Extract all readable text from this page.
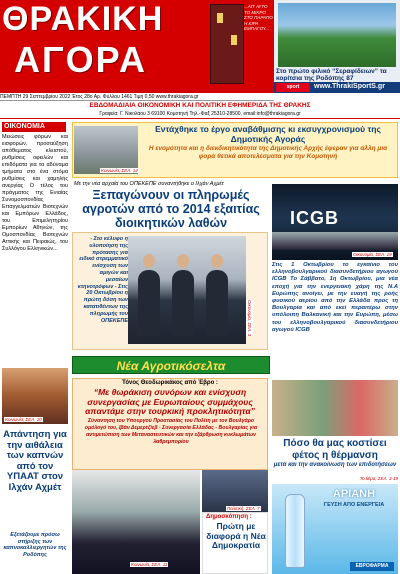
ΘΡΑΚΙΚΗ
ΑΓΟΡΑ
...ΑΠ' ΑΥΤΟ ΤΟ ΜΙΚΡΟ ΣΤΟ ΠΑΡΑΠΟ Η ΚΙΡΑ ΕΜΠΑΓΟΥ...
Στο πρώτο φιλικό “Σεραφίδειων” τα κορίτσια της Ροδόπης 87
www.ThrakiSportS.gr
sport
ΠΕΜΠΤΗ 29 Σεπτεμβρίου 2022 Έτος 28ο Αρ. Φύλλου 1461 Τιμή 0,50 www.thrakiagora.gr
ΕΒΔΟΜΑΔΙΑΙΑ ΟΙΚΟΝΟΜΙΚΗ ΚΑΙ ΠΟΛΙΤΙΚΗ ΕΦΗΜΕΡΙΔΑ ΤΗΣ ΘΡΑΚΗΣ
Γραφεία: Γ. Νικολάου 3 69100 Κομοτηνή Τηλ.-Φαξ 25310-28500, email:info@thrakiagora.gr
ΟΙΚΟΝΟΜΙΑ
Μειώσεις φόρων και εισφορών, προσαύξηση απόθεματος κλειστού, ρυθμίσεις οφειλών και επιδόματα για τα αδύναμα τμήματα στο ένα στόμα ρυθμίσεις και χαμηλής ανεργίας Ο τέλος του πράγματος της Ενιαίας Συνομοσπονδίας Επαγγελματιών Βιοτεχνών και Εμπόρων Ελλάδος, του Επιμελητηρίου Εμπορίων Αθηνών, της Ομοσπονδίας Βιοτεχνών Αττικής και Πειραιώς, του Συλλόγου Ελληνικών...
Εντάχθηκε το έργο αναβάθμισης κι εκσυγχρονισμού της Δημοτικής Αγοράς
Η ενομότητα και η διεκδικητικότητα της Δημοτικής Αρχής έφεραν για άλλη μια φορά θετικά αποτελέσματα για την Κομοτηνή
Κοινωνία, ΣΕΛ. 14
Με την νέα αρχαία του ΟΠΕΚΕΠΕ συναντήθηκε ο Ιλχάν Αχμέτ
Ξεπαγώνουν οι πληρωμές αγροτών από το 2014 εξαιτίας διοικητικών λαθών
- Στο κέλυφο η υλοποίηση της πρότασης για ειδικό στρεμματικό ενίσχυση των αμιγών και μεσαίων κτηνοτρόφων - Στις 20 Οκτωβρίου η πρώτη δόση των κατατιθέντων της πληρωμής του ΟΠΕΚΕΠΕ	Οικονομία, ΣΕΛ. 3
ICGB
Οικονομία, ΣΕΛ. 19
Στις 1 Οκτωβρίου το εγκαίνιο του ελληνοβουλγαρικού διασυνδετήριου αγωγού ICGB Το Σάββατο, 1η Οκτωβρίου, μια νέα εποχή για την ενεργειακή χάρη της Ν.Α Ευρώπης ανοίγει, με την ευαγή της ροής φυσικού αερίου από την Ελλάδα προς τη Βουλγαρία και από εκεί περαιτέρω στην υπόλοιπη Βαλκανική και την Ευρώπη, μέσω του ελληνοβουλγαρικού διασυνδετήριου αγωγού ICGB
Νέα Αγροτικόσελτα
Τόνος Θεοδωρικάκος από Έβρο :
“Με θωράκιση συνόρων και ενίσχυση συνεργασίας με Ευρωπαίους συμμάχους απαντάμε στην τουρκική προκλητικότητα”
Σύναντηση του Υπουργού Προστασίας του Πολίτη με τον Βουλγάρο ομόλογό του, Ιβάν Δεμερτζίεβ · Συνεργασία Ελλάδας - Βουλγαρίας για αντιμετώπιση των Μεταναστευτικών και την εξάρθρωση κυκλωμάτων λαθρεμπορίου
Κοινωνία, ΣΕΛ. 20
Απάντηση για την αιθάλεια των καπνών από τον ΥΠΑΑΤ στον Ιλχάν Αχμέτ
Εξετάζουμε πρόσω στήριξης των καπνοκαλλιεργητών της Ροδόπης
Κοινωνία, ΣΕΛ. 11
Πολιτική, ΣΕΛ. 7
Δημοσκόπηση :
Πρώτη με διαφορά η Νέα Δημοκρατία
Πόσο θα μας κοστίσει φέτος η θέρμανση
μετά και την ανακοίνωση των επιδοτήσεων
Το θέμα, ΣΕΛ. 3-19
ΑΡΙΑΝΗ
ΓΕΥΣΗ ΑΠΟ ΕΝΕΡΓΕΙΑ
ΕΒΡΟΦΑΡΜΑ
